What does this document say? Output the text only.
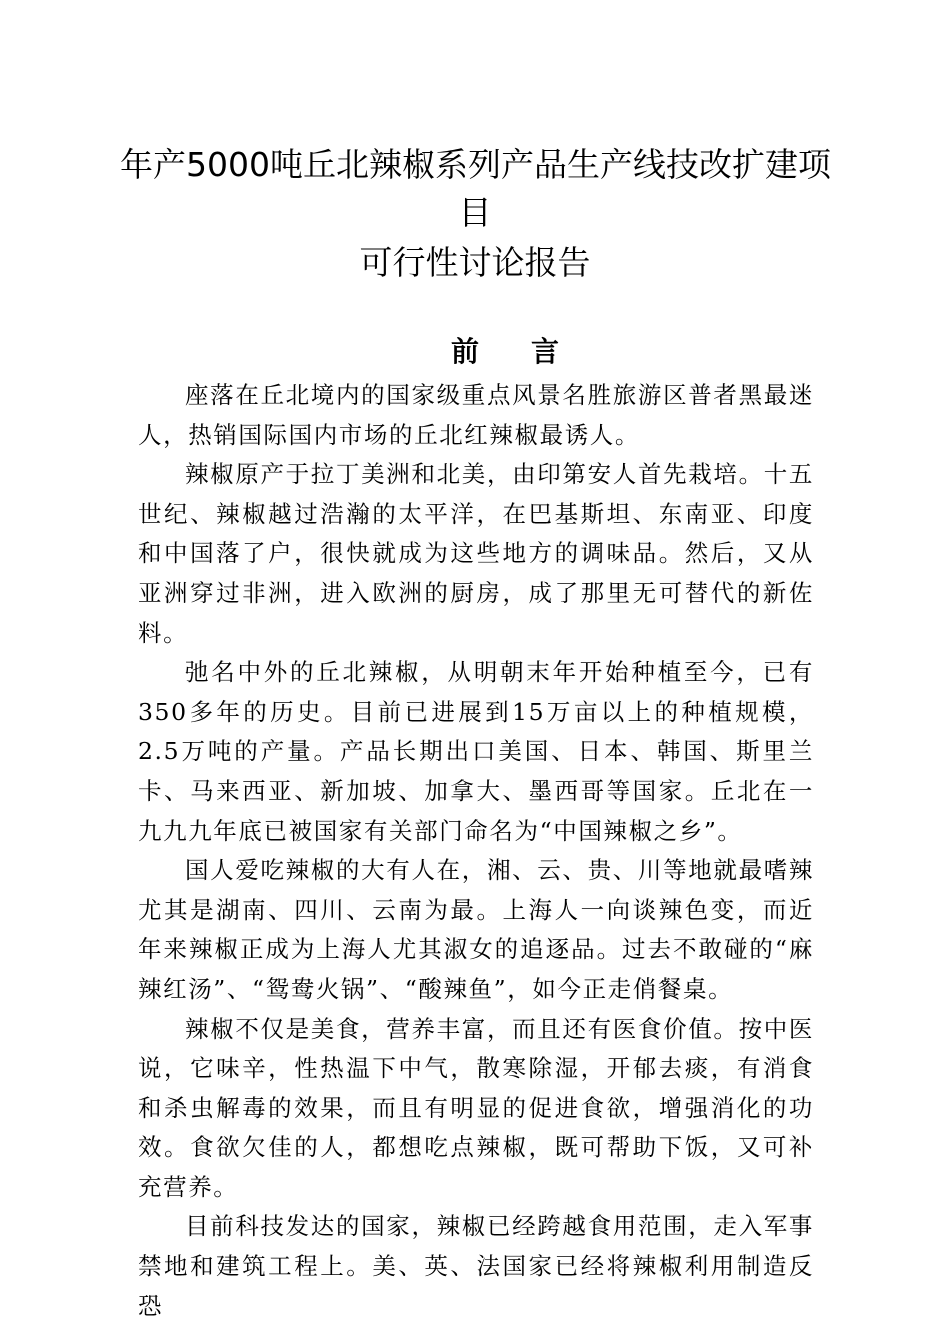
年产5000吨丘北辣椒系列产品生产线技改扩建项
目
可行性讨论报告
前 言

座落在丘北境内的国家级重点风景名胜旅游区普者黑最迷人，热销国际国内市场的丘北红辣椒最诱人。

辣椒原产于拉丁美洲和北美，由印第安人首先栽培。十五世纪、辣椒越过浩瀚的太平洋，在巴基斯坦、东南亚、印度和中国落了户，很快就成为这些地方的调味品。然后，又从亚洲穿过非洲，进入欧洲的厨房，成了那里无可替代的新佐料。

弛名中外的丘北辣椒，从明朝末年开始种植至今，已有350多年的历史。目前已进展到15万亩以上的种植规模，2.5万吨的产量。产品长期出口美国、日本、韩国、斯里兰卡、马来西亚、新加坡、加拿大、墨西哥等国家。丘北在一九九九年底已被国家有关部门命名为“中国辣椒之乡”。

国人爱吃辣椒的大有人在，湘、云、贵、川等地就最嗜辣尤其是湖南、四川、云南为最。上海人一向谈辣色变，而近年来辣椒正成为上海人尤其淑女的追逐品。过去不敢碰的“麻辣红汤”、“鸳鸯火锅”、“酸辣鱼”，如今正走俏餐桌。

辣椒不仅是美食，营养丰富，而且还有医食价值。按中医说，它味辛，性热温下中气，散寒除湿，开郁去痰，有消食和杀虫解毒的效果，而且有明显的促进食欲，增强消化的功效。食欲欠佳的人，都想吃点辣椒，既可帮助下饭，又可补充营养。

目前科技发达的国家，辣椒已经跨越食用范围，走入军事禁地和建筑工程上。美、英、法国家已经将辣椒利用制造反恐
